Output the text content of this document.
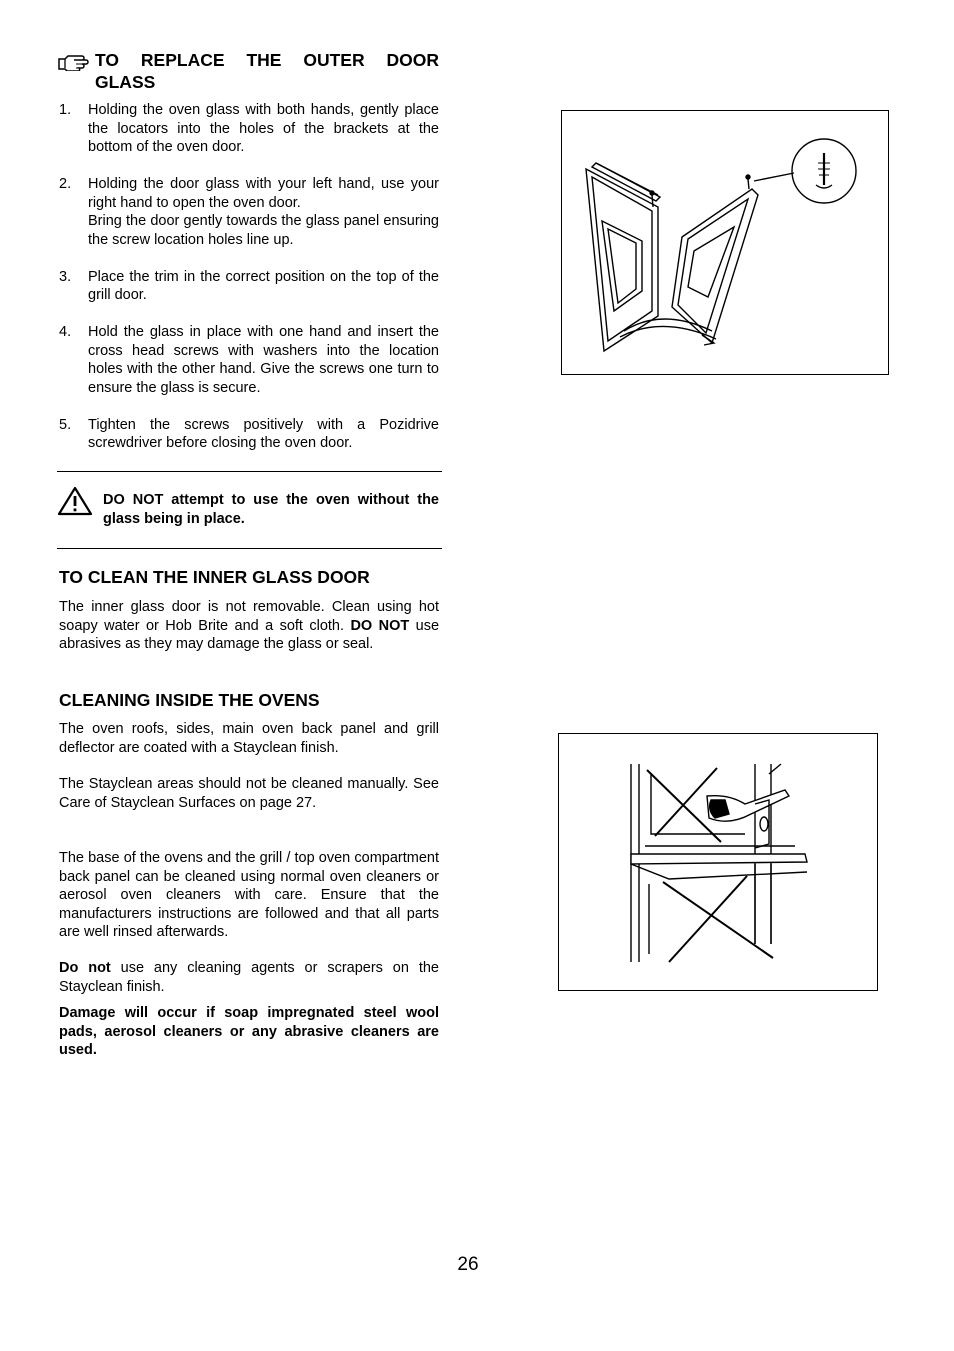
TO REPLACE THE OUTER DOOR
GLASS
1. Holding the oven glass with both hands, gently place the locators into the holes of the brackets at the bottom of the oven door.

2. Holding the door glass with your left hand, use your right hand to open the oven door.

Bring the door gently towards the glass panel ensuring the screw location holes line up.

3. Place the trim in the correct position on the top of the grill door.

4. Hold the glass in place with one hand and insert the cross head screws with washers into the location holes with the other hand. Give the screws one turn to ensure the glass is secure.

5. Tighten the screws positively with a Pozidrive screwdriver before closing the oven door.

DO NOT attempt to use the oven without the glass being in place.
TO CLEAN THE INNER GLASS DOOR

The inner glass door is not removable. Clean using hot soapy water or Hob Brite and a soft cloth. DO NOT use abrasives as they may damage the glass or seal.

CLEANING INSIDE THE OVENS

The oven roofs, sides, main oven back panel and grill deflector are coated with a Stayclean finish.

The Stayclean areas should not be cleaned manually. See Care of Stayclean Surfaces on page 27.

The base of the ovens and the grill / top oven compartment back panel can be cleaned using normal oven cleaners or aerosol oven cleaners with care. Ensure that the manufacturers instructions are followed and that all parts are well rinsed afterwards.

Do not use any cleaning agents or scrapers on the Stayclean finish.

Damage will occur if soap impregnated steel wool pads, aerosol cleaners or any abrasive cleaners are used.

26
